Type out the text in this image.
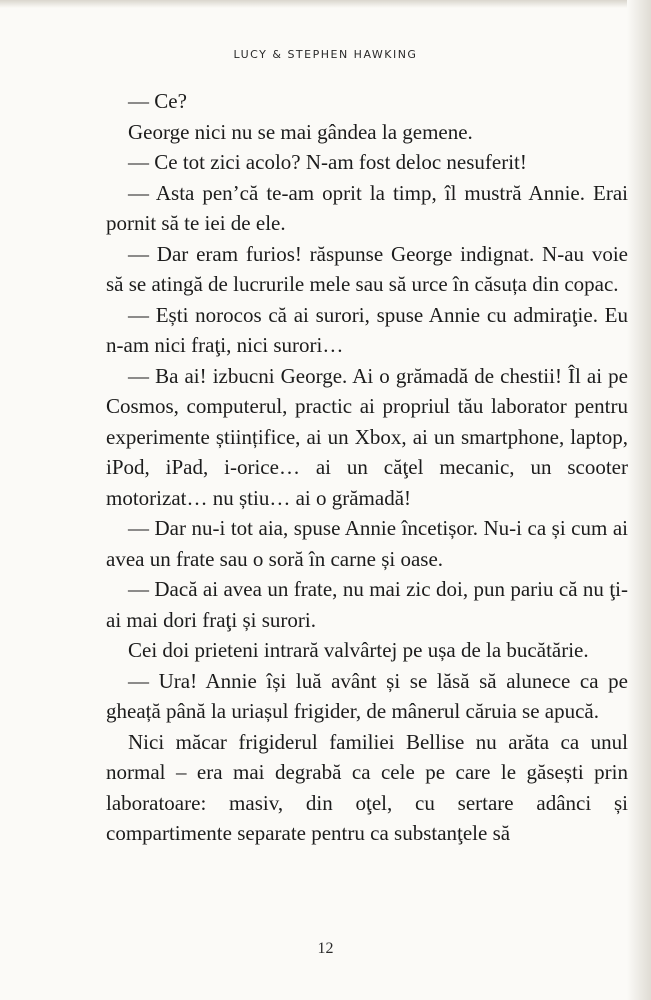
LUCY & STEPHEN HAWKING

— Ce?

George nici nu se mai gândea la gemene.

— Ce tot zici acolo? N-am fost deloc nesuferit!

— Asta pen’că te-am oprit la timp, îl mustră Annie. Erai pornit să te iei de ele.

— Dar eram furios! răspunse George indignat. N-au voie să se atingă de lucrurile mele sau să urce în căsuța din copac.

— Ești norocos că ai surori, spuse Annie cu admiraţie. Eu n-am nici fraţi, nici surori…

— Ba ai! izbucni George. Ai o grămadă de chestii! Îl ai pe Cosmos, computerul, practic ai propriul tău laborator pentru experimente științifice, ai un Xbox, ai un smartphone, laptop, iPod, iPad, i-orice… ai un căţel mecanic, un scooter motorizat… nu știu… ai o grămadă!

— Dar nu-i tot aia, spuse Annie încetișor. Nu-i ca și cum ai avea un frate sau o soră în carne și oase.

— Dacă ai avea un frate, nu mai zic doi, pun pariu că nu ţi-ai mai dori fraţi și surori.

Cei doi prieteni intrară valvârtej pe ușa de la bucătărie.

— Ura! Annie își luă avânt și se lăsă să alunece ca pe gheață până la uriașul frigider, de mânerul căruia se apucă.

Nici măcar frigiderul familiei Bellise nu arăta ca unul normal – era mai degrabă ca cele pe care le găsești prin laboratoare: masiv, din oţel, cu sertare adânci și compartimente separate pentru ca substanţele să

12
